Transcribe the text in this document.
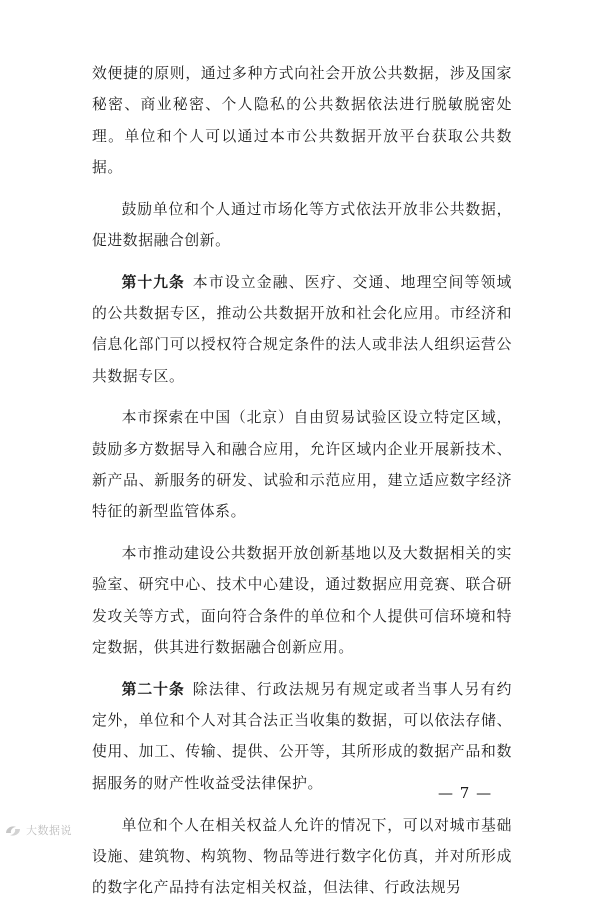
效便捷的原则，通过多种方式向社会开放公共数据，涉及国家秘密、商业秘密、个人隐私的公共数据依法进行脱敏脱密处理。单位和个人可以通过本市公共数据开放平台获取公共数据。

鼓励单位和个人通过市场化等方式依法开放非公共数据，促进数据融合创新。

第十九条 本市设立金融、医疗、交通、地理空间等领域的公共数据专区，推动公共数据开放和社会化应用。市经济和信息化部门可以授权符合规定条件的法人或非法人组织运营公共数据专区。

本市探索在中国（北京）自由贸易试验区设立特定区域，鼓励多方数据导入和融合应用，允许区域内企业开展新技术、新产品、新服务的研发、试验和示范应用，建立适应数字经济特征的新型监管体系。

本市推动建设公共数据开放创新基地以及大数据相关的实验室、研究中心、技术中心建设，通过数据应用竞赛、联合研发攻关等方式，面向符合条件的单位和个人提供可信环境和特定数据，供其进行数据融合创新应用。

第二十条 除法律、行政法规另有规定或者当事人另有约定外，单位和个人对其合法正当收集的数据，可以依法存储、使用、加工、传输、提供、公开等，其所形成的数据产品和数据服务的财产性收益受法律保护。

单位和个人在相关权益人允许的情况下，可以对城市基础设施、建筑物、构筑物、物品等进行数字化仿真，并对所形成的数字化产品持有法定相关权益，但法律、行政法规另

— 7 —
大数据说
